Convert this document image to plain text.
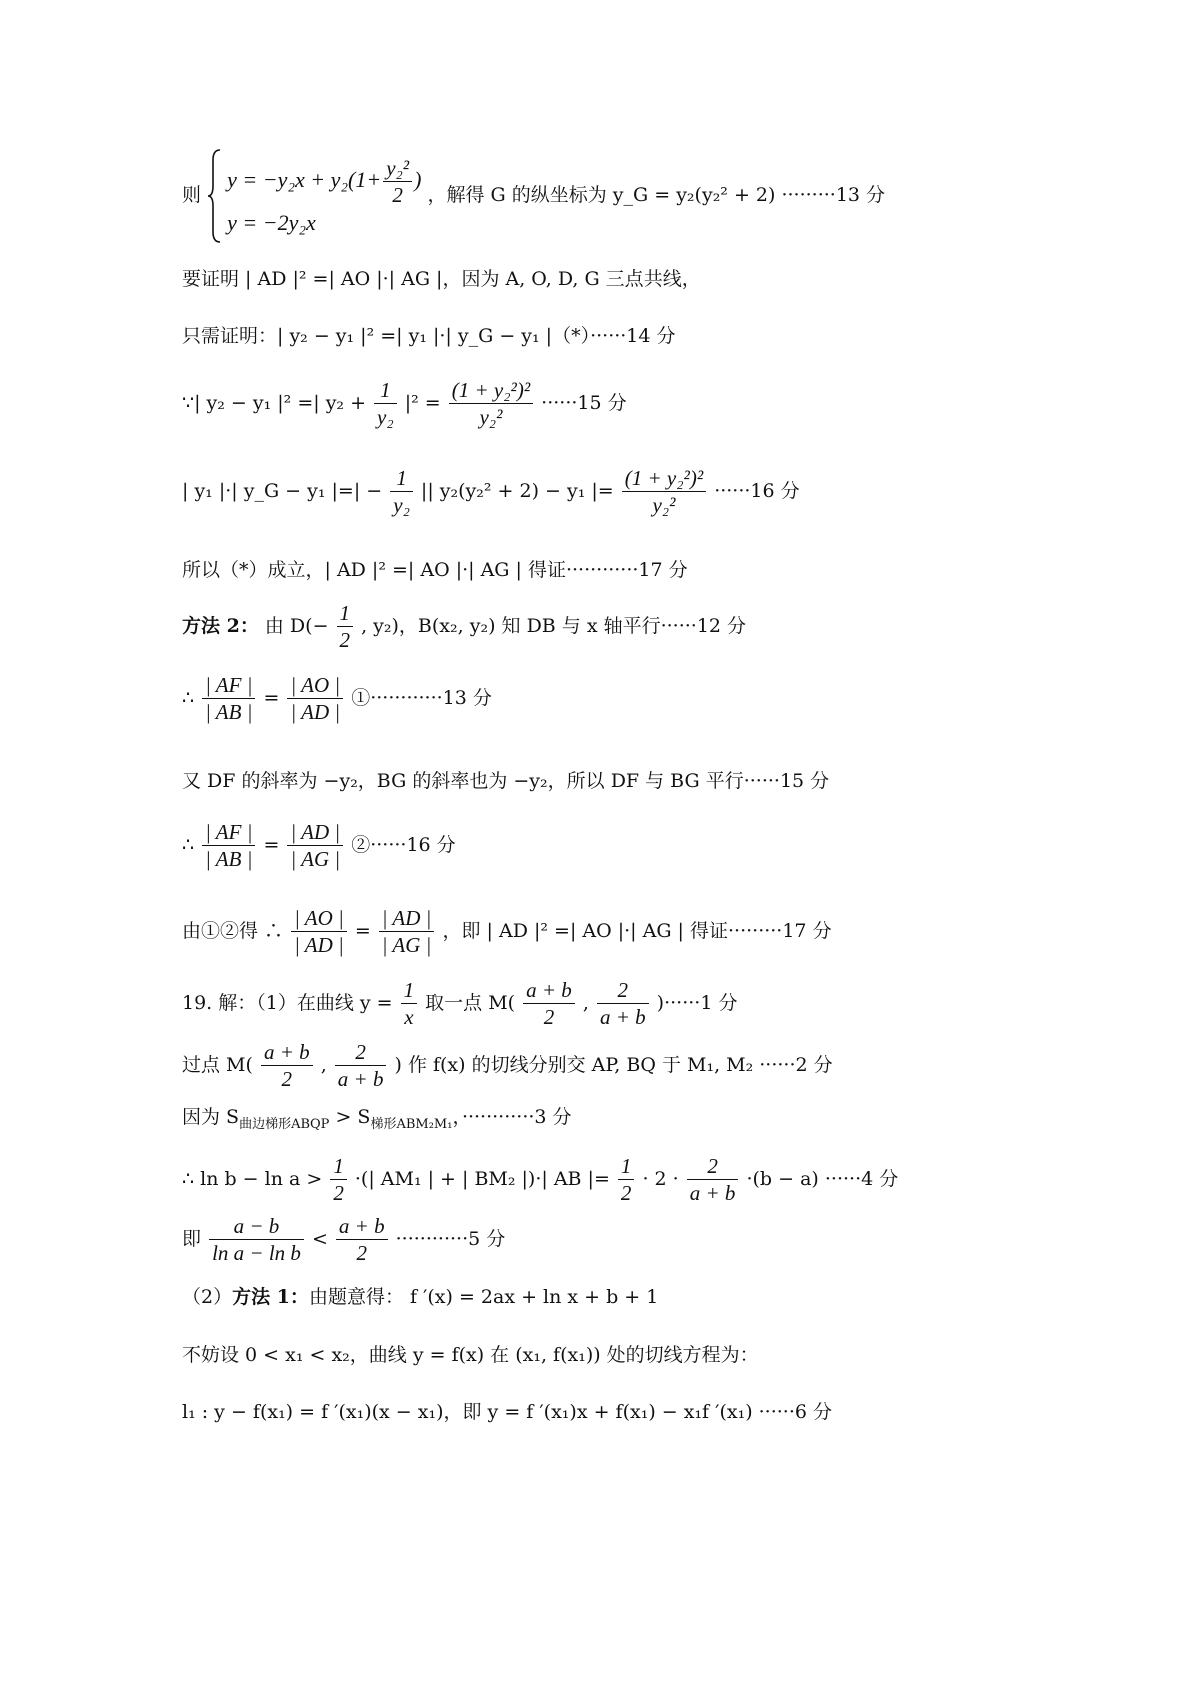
则
$y = -y_2x + y_2(1+ \frac{\text{y₂²}}{2}$ )
y = −2y₂x
，解得 G 的纵坐标为 y_G = y₂(y₂² + 2) ·········13 分
要证明 | AD |² =| AO |·| AG |，因为 A, O, D, G 三点共线，
只需证明：| y₂ − y₁ |² =| y₁ |·| y_G − y₁ |（*）······14 分
∵| y₂ − y₁ |² =| $y_2 + \frac{1}{\text{y₂}} |^2 = \frac{\text{(1 + y₂²)²}}{\text{y₂²}} \cdot\cdot\cdot\cdot\cdot\cdot 15$ 分
| y₁ |·| y_G − y₁ |=| − $\frac{1}{\text{y₂}}$ || y₂(y₂² + 2) − y₁ |= $\frac{\text{(1 + y₂²)²}}{\text{y₂²}} \cdot\cdot\cdot\cdot\cdot\cdot 16$ 分
所以（*）成立，| AD |² =| AO |·| AG | 得证············17 分
方法 2： 由 $D(- \frac{1}{2}$ , y₂)，B(x₂, y₂) 知 DB 与 x 轴平行······12 分
∴ $\frac{| AF |}{| AB |} = \frac{| AO |}{| AD |}$ ①············13 分
又 DF 的斜率为 −y₂，BG 的斜率也为 −y₂，所以 DF 与 BG 平行······15 分
∴ $\frac{| AF |}{| AB |} = \frac{| AD |}{| AG |}$ ②······16 分
由①②得 ∴ $\frac{| AO |}{| AD |} = \frac{| AD |}{| AG |}$ ，即 | AD |² =| AO |·| AG | 得证·········17 分
19. 解：（1）在曲线 $y = \frac{1}{x}$ 取一点 $M( \frac{a + b}{2}$ , $\frac{2}{a + b} )\cdot\cdot\cdot\cdot\cdot\cdot 1$ 分
过点 $M( \frac{a + b}{2}$ , $\frac{2}{a + b}$ ) 作 f(x) 的切线分别交 AP, BQ 于 M₁, M₂ ······2 分
因为 $S_{曲边梯形ABQP} > S_{梯形ABM_2M_1}$，············3 分
∴ $\ln b - \ln a > \frac{1}{2}$ ·(| AM₁ | + | BM₂ |)·| AB |= $\frac{1}{2} \cdot 2 \cdot \frac{2}{a + b} \cdot(b - a) \cdot\cdot\cdot\cdot\cdot\cdot 4$ 分
即 $\frac{a - b}{\text{ln a − ln b}} < \frac{a + b}{2} \cdot\cdot\cdot\cdot\cdot\cdot\cdot\cdot\cdot\cdot\cdot\cdot 5$ 分
（2）方法 1：由题意得： f ′(x) = 2ax + ln x + b + 1
不妨设 0 < x₁ < x₂，曲线 y = f(x) 在 (x₁, f(x₁)) 处的切线方程为：
l₁ : y − f(x₁) = f ′(x₁)(x − x₁)，即 y = f ′(x₁)x + f(x₁) − x₁f ′(x₁) ······6 分
